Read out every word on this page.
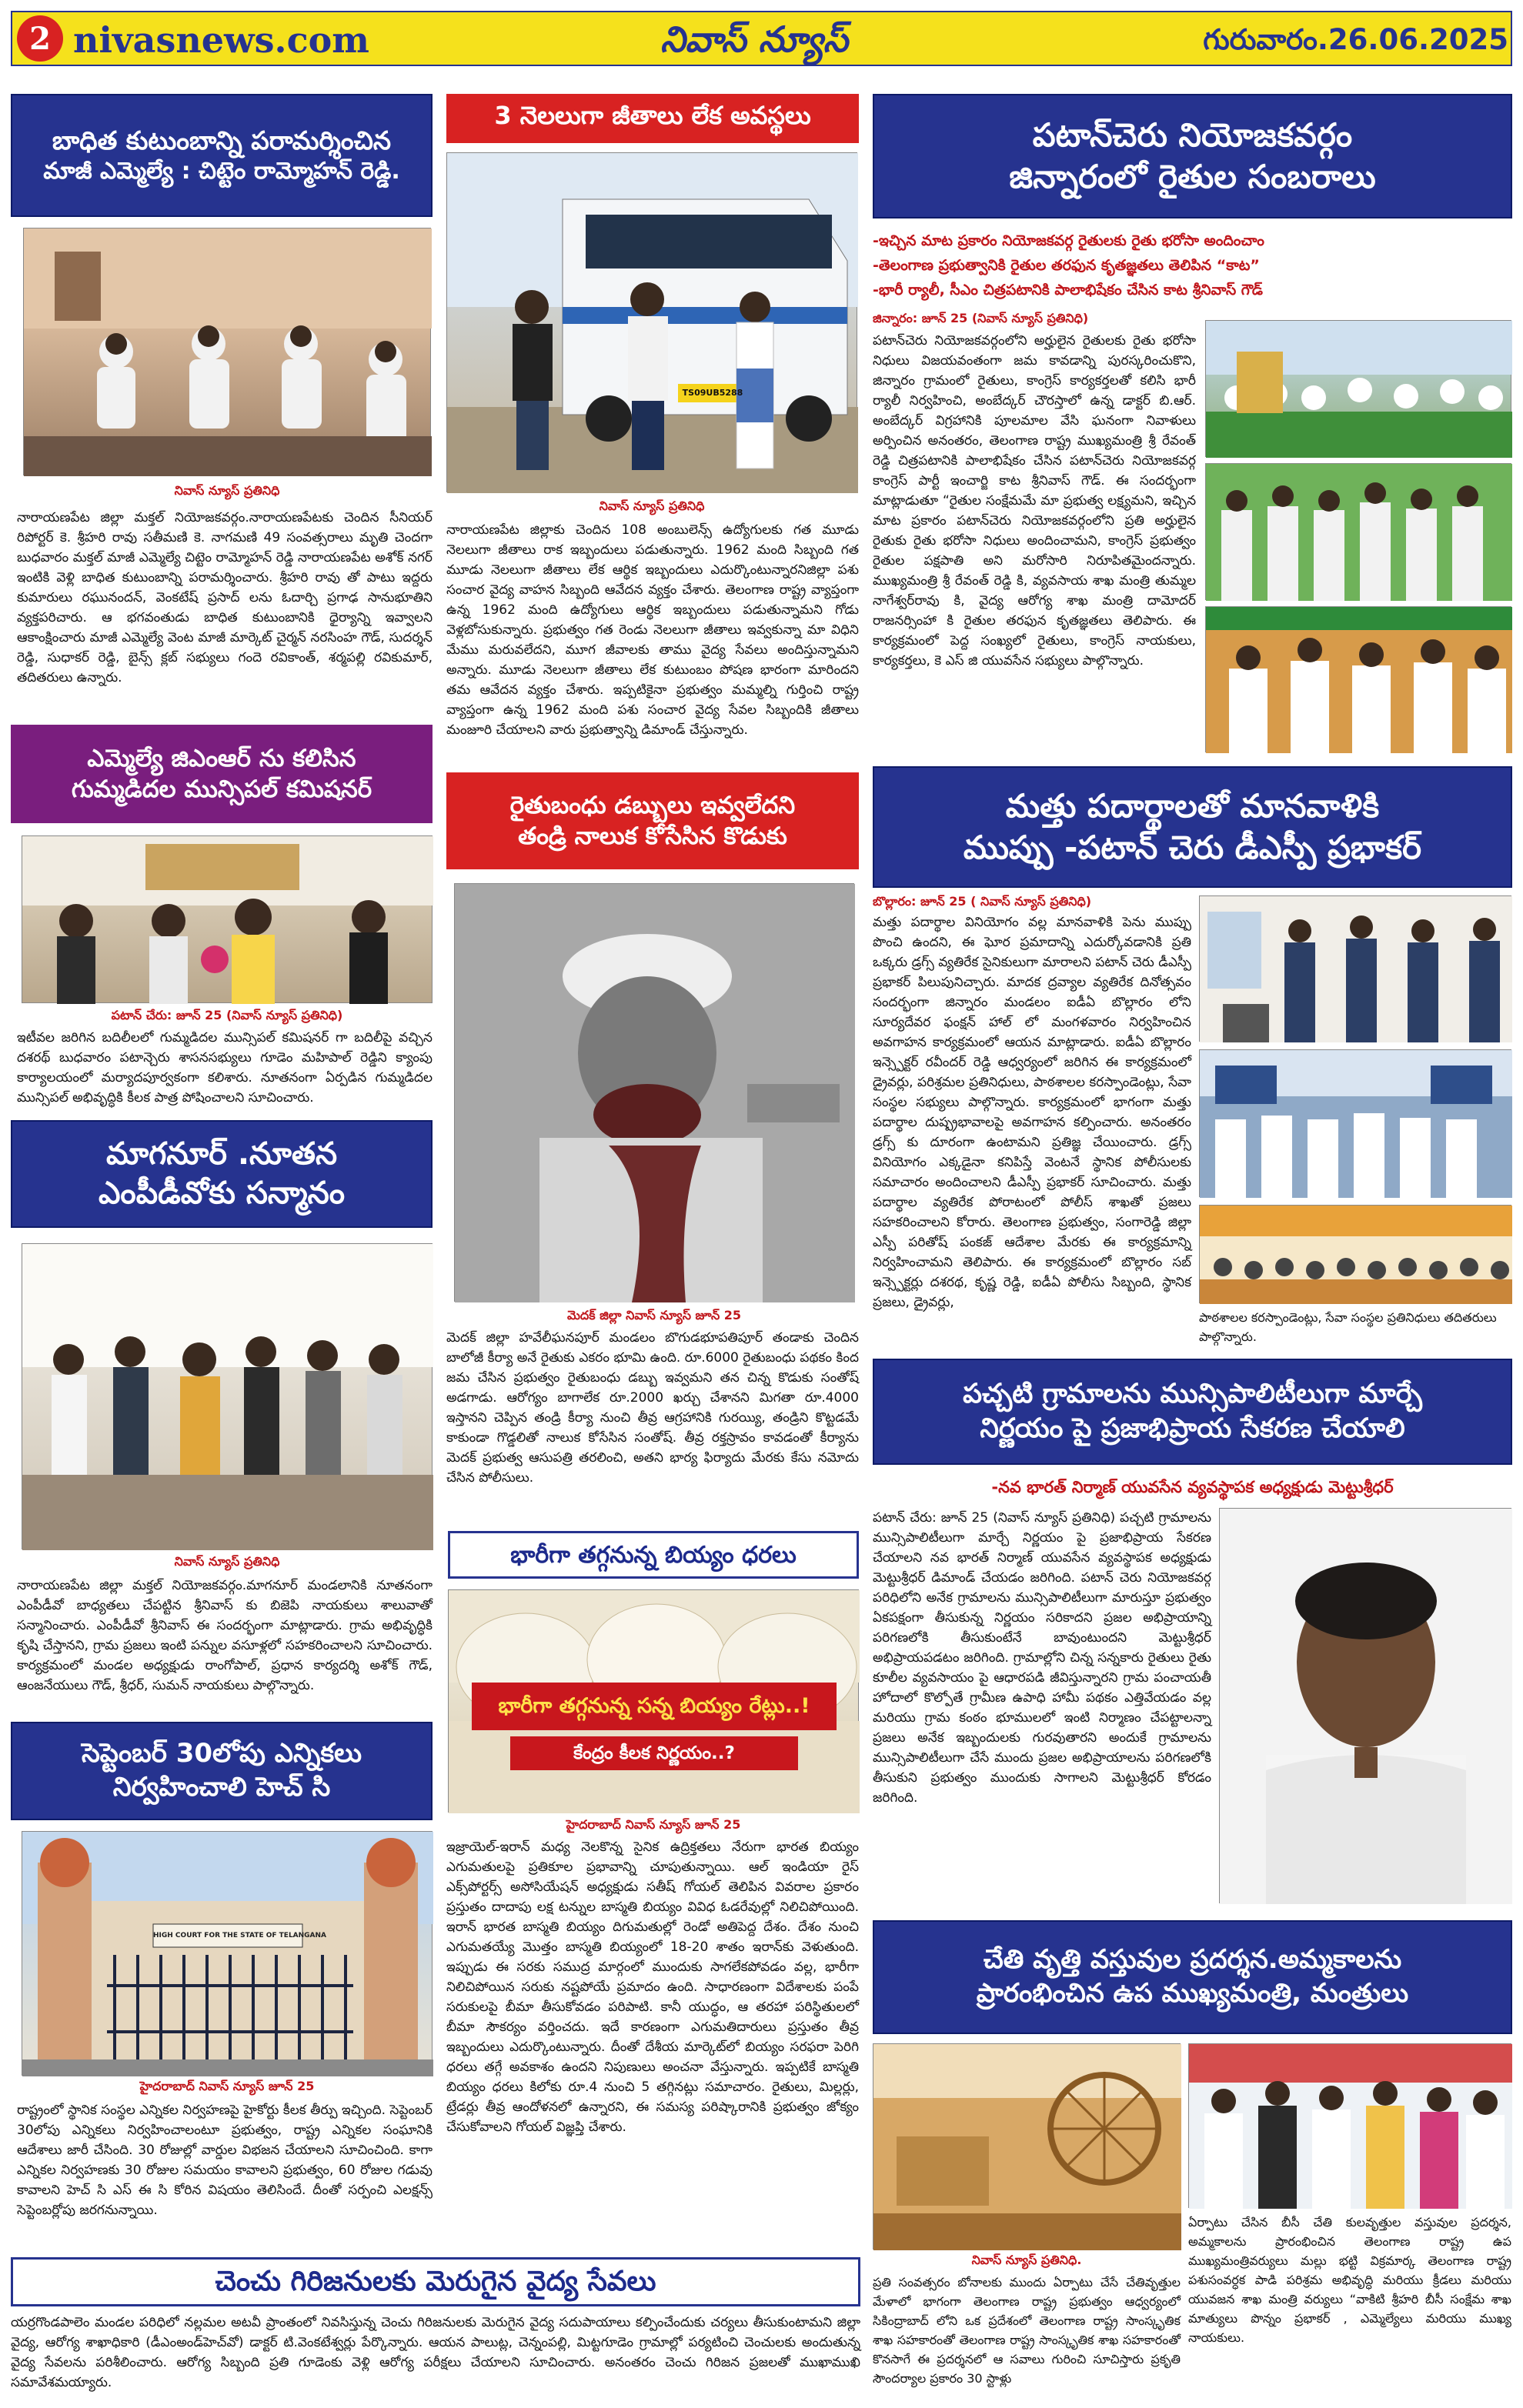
2 nivasnews.com	నివాస్ న్యూస్	గురువారం.26.06.2025
బాధిత కుటుంబాన్ని పరామర్శించిన
మాజీ ఎమ్మెల్యే : చిట్టెం రామ్మోహన్ రెడ్డి.
నివాస్ న్యూస్ ప్రతినిధి
నారాయణపేట జిల్లా మక్తల్ నియోజకవర్గం.నారాయణపేటకు చెందిన సీనియర్ రిపోర్టర్ కె. శ్రీహరి రావు సతీమణి కె. నాగమణి 49 సంవత్సరాలు మృతి చెందగా బుధవారం మక్తల్ మాజీ ఎమ్మెల్యే చిట్టెం రామ్మోహన్ రెడ్డి నారాయణపేట అశోక్ నగర్ ఇంటికి వెళ్లి బాధిత కుటుంబాన్ని పరామర్శించారు. శ్రీహరి రావు తో పాటు ఇద్దరు కుమారులు రఘునందన్, వెంకటేష్ ప్రసాద్ లను ఓదార్చి ప్రగాఢ సానుభూతిని వ్యక్తపరిచారు. ఆ భగవంతుడు బాధిత కుటుంబానికి ధైర్యాన్ని ఇవ్వాలని ఆకాంక్షించారు మాజీ ఎమ్మెల్యే వెంట మాజీ మార్కెట్ చైర్మన్ నరసింహ గౌడ్, సుదర్శన్ రెడ్డి, సుధాకర్ రెడ్డి, బైన్స్ క్లబ్ సభ్యులు గందె రవికాంత్, శర్మపల్లి రవికుమార్, తదితరులు ఉన్నారు.
ఎమ్మెల్యే జిఎంఆర్ ను కలిసిన
గుమ్మడిదల మున్సిపల్ కమిషనర్
పటాన్ చేరు: జూన్ 25 (నివాస్ న్యూస్ ప్రతినిధి)
ఇటీవల జరిగిన బదిలీలలో గుమ్మడిదల మున్సిపల్ కమిషనర్ గా బదిలీపై వచ్చిన దశరథ్ బుధవారం పటాన్చెరు శాసనసభ్యులు గూడెం మహిపాల్ రెడ్డిని క్యాంపు కార్యాలయంలో మర్యాదపూర్వకంగా కలిశారు. నూతనంగా ఏర్పడిన గుమ్మడిదల మున్సిపల్ అభివృద్ధికి కీలక పాత్ర పోషించాలని సూచించారు.
మాగనూర్ .నూతన
ఎంపీడీవోకు సన్మానం
నివాస్ న్యూస్ ప్రతినిధి
నారాయణపేట జిల్లా మక్తల్ నియోజకవర్గం.మాగనూర్ మండలానికి నూతనంగా ఎంపీడీవో బాధ్యతలు చేపట్టిన శ్రీనివాస్ కు బిజెపి నాయకులు శాలువాతో సన్మానించారు. ఎంపీడీవో శ్రీనివాస్ ఈ సందర్భంగా మాట్లాడారు. గ్రామ అభివృద్ధికి కృషి చేస్తానని, గ్రామ ప్రజలు ఇంటి పన్నుల వసూళ్లలో సహకరించాలని సూచించారు. కార్యక్రమంలో మండల అధ్యక్షుడు రాంగోపాల్, ప్రధాన కార్యదర్శి అశోక్ గౌడ్, ఆంజనేయులు గౌడ్, శ్రీధర్, సుమన్ నాయకులు పాల్గొన్నారు.
సెప్టెంబర్ 30లోపు ఎన్నికలు
నిర్వహించాలి హెచ్ సి
HIGH COURT FOR THE STATE OF TELANGANA
హైదరాబాద్ నివాస్ న్యూస్ జూన్ 25
రాష్ట్రంలో స్థానిక సంస్థల ఎన్నికల నిర్వహణపై హైకోర్టు కీలక తీర్పు ఇచ్చింది. సెప్టెంబర్ 30లోపు ఎన్నికలు నిర్వహించాలంటూ ప్రభుత్వం, రాష్ట్ర ఎన్నికల సంఘానికి ఆదేశాలు జారీ చేసింది. 30 రోజుల్లో వార్డుల విభజన చేయాలని సూచించింది. కాగా ఎన్నికల నిర్వహణకు 30 రోజుల సమయం కావాలని ప్రభుత్వం, 60 రోజుల గడువు కావాలని హెచ్ సి ఎస్ ఈ సి కోరిన విషయం తెలిసిందే. దీంతో సర్పంచి ఎలక్షన్స్ సెప్టెంబర్లోపు జరగనున్నాయి.
3 నెలలుగా జీతాలు లేక అవస్థలు
TS09UB5288
నివాస్ న్యూస్ ప్రతినిధి
నారాయణపేట జిల్లాకు చెందిన 108 అంబులెన్స్ ఉద్యోగులకు గత మూడు నెలలుగా జీతాలు రాక ఇబ్బందులు పడుతున్నారు. 1962 మంది సిబ్బంది గత మూడు నెలలుగా జీతాలు లేక ఆర్థిక ఇబ్బందులు ఎదుర్కొంటున్నారనిజిల్లా పశు సంచార వైద్య వాహన సిబ్బంది ఆవేదన వ్యక్తం చేశారు. తెలంగాణ రాష్ట్ర వ్యాప్తంగా ఉన్న 1962 మంది ఉద్యోగులు ఆర్థిక ఇబ్బందులు పడుతున్నామని గోడు వెళ్లబోసుకున్నారు. ప్రభుత్వం గత రెండు నెలలుగా జీతాలు ఇవ్వకున్నా మా విధిని మేము మరువలేదని, మూగ జీవాలకు తాము వైద్య సేవలు అందిస్తున్నామని అన్నారు. మూడు నెలలుగా జీతాలు లేక కుటుంబం పోషణ భారంగా మారిందని తమ ఆవేదన వ్యక్తం చేశారు. ఇప్పటికైనా ప్రభుత్వం మమ్మల్ని గుర్తించి రాష్ట్ర వ్యాప్తంగా ఉన్న 1962 మంది పశు సంచార వైద్య సేవల సిబ్బందికి జీతాలు మంజూరి చేయాలని వారు ప్రభుత్వాన్ని డిమాండ్ చేస్తున్నారు.
రైతుబంధు డబ్బులు ఇవ్వలేదని
తండ్రి నాలుక కోసేసిన కొడుకు
మెదక్ జిల్లా నివాస్ న్యూస్ జూన్ 25
మెదక్ జిల్లా హవేలీఘనపూర్ మండలం బొగుడభూపతిపూర్ తండాకు చెందిన బాలోజీ కీర్యా అనే రైతుకు ఎకరం భూమి ఉంది. రూ.6000 రైతుబంధు పథకం కింద జమ చేసిన ప్రభుత్వం రైతుబంధు డబ్బు ఇవ్వమని తన చిన్న కొడుకు సంతోష్ అడగాడు. ఆరోగ్యం బాగాలేక రూ.2000 ఖర్చు చేశానని మిగతా రూ.4000 ఇస్తానని చెప్పిన తండ్రి కీర్యా నుంచి తీవ్ర ఆగ్రహానికి గురయ్యి, తండ్రిని కొట్టడమే కాకుండా గొడ్డలితో నాలుక కోసేసిన సంతోష్. తీవ్ర రక్తస్రావం కావడంతో కీర్యాను మెదక్ ప్రభుత్వ ఆసుపత్రి తరలించి, అతని భార్య ఫిర్యాదు మేరకు కేసు నమోదు చేసిన పోలీసులు.
భారీగా తగ్గనున్న బియ్యం ధరలు
భారీగా తగ్గనున్న సన్న బియ్యం రేట్లు..!
కేంద్రం కీలక నిర్ణయం..?
హైదరాబాద్ నివాస్ న్యూస్ జూన్ 25
ఇజ్రాయెల్-ఇరాన్ మధ్య నెలకొన్న సైనిక ఉద్రిక్తతలు నేరుగా భారత బియ్యం ఎగుమతులపై ప్రతికూల ప్రభావాన్ని చూపుతున్నాయి. ఆల్ ఇండియా రైస్ ఎక్స్‌పోర్టర్స్ అసోసియేషన్ అధ్యక్షుడు సతీష్ గోయల్ తెలిపిన వివరాల ప్రకారం ప్రస్తుతం దాదాపు లక్ష టన్నుల బాస్మతి బియ్యం వివిధ ఓడరేవుల్లో నిలిచిపోయింది. ఇరాన్ భారత బాస్మతి బియ్యం దిగుమతుల్లో రెండో అతిపెద్ద దేశం. దేశం నుంచి ఎగుమతయ్యే మొత్తం బాస్మతి బియ్యంలో 18-20 శాతం ఇరాన్‌కు వెళుతుంది. ఇప్పుడు ఈ సరకు సముద్ర మార్గంలో ముందుకు సాగలేకపోవడం వల్ల, భారీగా నిలిచిపోయిన సరుకు నష్టపోయే ప్రమాదం ఉంది. సాధారణంగా విదేశాలకు పంపే సరుకులపై బీమా తీసుకోవడం పరిపాటి. కానీ యుద్ధం, ఆ తరహా పరిస్థితులలో బీమా సౌకర్యం వర్తించదు. ఇదే కారణంగా ఎగుమతిదారులు ప్రస్తుతం తీవ్ర ఇబ్బందులు ఎదుర్కొంటున్నారు. దీంతో దేశీయ మార్కెట్‌లో బియ్యం సరఫరా పెరిగి ధరలు తగ్గే అవకాశం ఉందని నిపుణులు అంచనా వేస్తున్నారు. ఇప్పటికే బాస్మతి బియ్యం ధరలు కిలోకు రూ.4 నుంచి 5 తగ్గినట్లు సమాచారం. రైతులు, మిల్లర్లు, ట్రేడర్లు తీవ్ర ఆందోళనలో ఉన్నారని, ఈ సమస్య పరిష్కారానికి ప్రభుత్వం జోక్యం చేసుకోవాలని గోయల్ విజ్ఞప్తి చేశారు.
పటాన్‌చెరు నియోజకవర్గం
జిన్నారంలో రైతుల సంబరాలు
-ఇచ్చిన మాట ప్రకారం నియోజకవర్గ రైతులకు రైతు భరోసా అందించాం
-తెలంగాణ ప్రభుత్వానికి రైతుల తరఫున కృతజ్ఞతలు తెలిపిన “కాట”
-భారీ ర్యాలీ, సీఎం చిత్రపటానికి పాలాభిషేకం చేసిన కాట శ్రీనివాస్ గౌడ్
జిన్నారం: జూన్ 25 (నివాస్ న్యూస్ ప్రతినిధి)
పటాన్‌చెరు నియోజకవర్గంలోని అర్హులైన రైతులకు రైతు భరోసా నిధులు విజయవంతంగా జమ కావడాన్ని పురస్కరించుకొని, జిన్నారం గ్రామంలో రైతులు, కాంగ్రెస్ కార్యకర్తలతో కలిసి భారీ ర్యాలీ నిర్వహించి, అంబేద్కర్ చౌరస్తాలో ఉన్న డాక్టర్ బి.ఆర్. అంబేద్కర్ విగ్రహానికి పూలమాల వేసి ఘనంగా నివాళులు అర్పించిన అనంతరం, తెలంగాణ రాష్ట్ర ముఖ్యమంత్రి శ్రీ రేవంత్ రెడ్డి చిత్రపటానికి పాలాభిషేకం చేసిన పటాన్‌చెరు నియోజకవర్గ కాంగ్రెస్ పార్టీ ఇంచార్జి కాట శ్రీనివాస్ గౌడ్. ఈ సందర్భంగా మాట్లాడుతూ “రైతుల సంక్షేమమే మా ప్రభుత్వ లక్ష్యమని, ఇచ్చిన మాట ప్రకారం పటాన్‌చెరు నియోజకవర్గంలోని ప్రతి అర్హులైన రైతుకు రైతు భరోసా నిధులు అందించామని, కాంగ్రెస్ ప్రభుత్వం రైతుల పక్షపాతి అని మరోసారి నిరూపితమైందన్నారు. ముఖ్యమంత్రి శ్రీ రేవంత్ రెడ్డి కి, వ్యవసాయ శాఖ మంత్రి తుమ్మల నాగేశ్వర్‌రావు కి, వైద్య ఆరోగ్య శాఖ మంత్రి దామోదర్ రాజనర్సింహా కి రైతుల తరఫున కృతజ్ఞతలు తెలిపారు. ఈ కార్యక్రమంలో పెద్ద సంఖ్యలో రైతులు, కాంగ్రెస్ నాయకులు, కార్యకర్తలు, కె ఎస్ జి యువసేన సభ్యులు పాల్గొన్నారు.
మత్తు పదార్థాలతో మానవాళికి
ముప్పు -పటాన్ చెరు డీఎస్పీ ప్రభాకర్
బొల్లారం: జూన్ 25 ( నివాస్ న్యూస్ ప్రతినిధి)
మత్తు పదార్థాల వినియోగం వల్ల మానవాళికి పెను ముప్పు పొంచి ఉందని, ఈ ఘోర ప్రమాదాన్ని ఎదుర్కోవడానికి ప్రతి ఒక్కరు డ్రగ్స్ వ్యతిరేక సైనికులుగా మారాలని పటాన్ చెరు డీఎస్పీ ప్రభాకర్ పిలుపునిచ్చారు. మాదక ద్రవ్యాల వ్యతిరేక దినోత్సవం సందర్భంగా జిన్నారం మండలం ఐడీఏ బొల్లారం లోని సూర్యదేవర ఫంక్షన్ హాల్ లో మంగళవారం నిర్వహించిన అవగాహన కార్యక్రమంలో ఆయన మాట్లాడారు. ఐడీఏ బొల్లారం ఇన్స్పెక్టర్ రవీందర్ రెడ్డి ఆధ్వర్యంలో జరిగిన ఈ కార్యక్రమంలో డ్రైవర్లు, పరిశ్రమల ప్రతినిధులు, పాఠశాలల కరస్పాండెంట్లు, సేవా సంస్థల సభ్యులు పాల్గొన్నారు. కార్యక్రమంలో భాగంగా మత్తు పదార్థాల దుష్ప్రభావాలపై అవగాహన కల్పించారు. అనంతరం డ్రగ్స్ కు దూరంగా ఉంటామని ప్రతిజ్ఞ చేయించారు. డ్రగ్స్ వినియోగం ఎక్కడైనా కనిపిస్తే వెంటనే స్థానిక పోలీసులకు సమాచారం అందించాలని డీఎస్పీ ప్రభాకర్ సూచించారు. మత్తు పదార్థాల వ్యతిరేక పోరాటంలో పోలీస్ శాఖతో ప్రజలు సహకరించాలని కోరారు. తెలంగాణ ప్రభుత్వం, సంగారెడ్డి జిల్లా ఎస్పీ పరితోష్ పంకజ్ ఆదేశాల మేరకు ఈ కార్యక్రమాన్ని నిర్వహించామని తెలిపారు. ఈ కార్యక్రమంలో బొల్లారం సబ్ ఇన్స్పెక్టర్లు దశరథ, కృష్ణ రెడ్డి, ఐడీఏ పోలీసు సిబ్బంది, స్థానిక ప్రజలు, డ్రైవర్లు,
పాఠశాలల కరస్పాండెంట్లు, సేవా సంస్థల ప్రతినిధులు తదితరులు పాల్గొన్నారు.
పచ్చటి గ్రామాలను మున్సిపాలిటీలుగా మార్చే
నిర్ణయం పై ప్రజాభిప్రాయ సేకరణ చేయాలి
-నవ భారత్ నిర్మాణ్ యువసేన వ్యవస్థాపక అధ్యక్షుడు మెట్టుశ్రీధర్
పటాన్ చేరు: జూన్ 25 (నివాస్ న్యూస్ ప్రతినిధి) పచ్చటి గ్రామాలను మున్సిపాలిటీలుగా మార్చే నిర్ణయం పై ప్రజాభిప్రాయ సేకరణ చేయాలని నవ భారత్ నిర్మాణ్ యువసేన వ్యవస్థాపక అధ్యక్షుడు మెట్టుశ్రీధర్ డిమాండ్ చేయడం జరిగింది. పటాన్ చెరు నియోజకవర్గ పరిధిలోని అనేక గ్రామాలను మున్సిపాలిటీలుగా మారుస్తూ ప్రభుత్వం ఏకపక్షంగా తీసుకున్న నిర్ణయం సరికాదని ప్రజల అభిప్రాయాన్ని పరిగణలోకి తీసుకుంటేనే బావుంటుందని మెట్టుశ్రీధర్ అభిప్రాయపడటం జరిగింది. గ్రామాల్లోని చిన్న సన్నకారు రైతులు రైతు కూలీల వ్యవసాయం పై ఆధారపడి జీవిస్తున్నారని గ్రామ పంచాయతీ హోదాలో కొల్పోతే గ్రామీణ ఉపాధి హామీ పథకం ఎత్తివేయడం వల్ల మరియు గ్రామ కంఠం భూములలో ఇంటి నిర్మాణం చేపట్టాలన్నా ప్రజలు అనేక ఇబ్బందులకు గురవుతారని అందుకే గ్రామాలను మున్సిపాలిటీలుగా చేసే ముందు ప్రజల అభిప్రాయాలను పరిగణలోకి తీసుకుని ప్రభుత్వం ముందుకు సాగాలని మెట్టుశ్రీధర్ కోరడం జరిగింది.
చేతి వృత్తి వస్తువుల ప్రదర్శన.అమ్మకాలను
ప్రారంభించిన ఉప ముఖ్యమంత్రి, మంత్రులు
నివాస్ న్యూస్ ప్రతినిధి.
ప్రతి సంవత్సరం బోనాలకు ముందు ఏర్పాటు చేసే చేతివృత్తుల మేళాలో భాగంగా తెలంగాణ రాష్ట్ర ప్రభుత్వం ఆధ్వర్యంలో సికింద్రాబాద్ లోని ఒక ప్రదేశంలో తెలంగాణ రాష్ట్ర సాంస్కృతిక శాఖ సహకారంతో తెలంగాణ రాష్ట్ర సాంస్కృతిక శాఖ సహకారంతో కొనసాగే ఈ ప్రదర్శనలో ఆ సవాలు గురించి సూచిస్తారు ప్రకృతి సౌందర్యాల ప్రకారం 30 స్టాళ్లు
ఏర్పాటు చేసిన బీసీ చేతి కులవృత్తుల వస్తువుల ప్రదర్శన, అమ్మకాలను ప్రారంభించిన తెలంగాణ రాష్ట్ర ఉప ముఖ్యమంత్రివర్యులు మల్లు భట్టి విక్రమార్క తెలంగాణ రాష్ట్ర పశుసంవర్ధక పాడి పరిశ్రమ అభివృద్ధి మరియు క్రీడలు మరియు యువజన శాఖ మంత్రి వర్యులు “వాకిటి శ్రీహరి బీసీ సంక్షేమ శాఖ మాత్యులు పొన్నం ప్రభాకర్ , ఎమ్మెల్యేలు మరియు ముఖ్య నాయకులు.
చెంచు గిరిజనులకు మెరుగైన వైద్య సేవలు
యర్రగొండపాలెం మండల పరిధిలో నల్లమల అటవీ ప్రాంతంలో నివసిస్తున్న చెంచు గిరిజనులకు మెరుగైన వైద్య సదుపాయాలు కల్పించేందుకు చర్యలు తీసుకుంటామని జిల్లా వైద్య, ఆరోగ్య శాఖాధికారి (డీఎంఅండ్‌హెచ్‌వో) డాక్టర్ టి.వెంకటేశ్వర్లు పేర్కొన్నారు. ఆయన పాలుట్ల, చెన్నంపల్లి, మిట్టగూడెం గ్రామాల్లో పర్యటించి చెంచులకు అందుతున్న వైద్య సేవలను పరిశీలించారు. ఆరోగ్య సిబ్బంది ప్రతి గూడెంకు వెళ్లి ఆరోగ్య పరీక్షలు చేయాలని సూచించారు. అనంతరం చెంచు గిరిజన ప్రజలతో ముఖాముఖి సమావేశమయ్యారు.
